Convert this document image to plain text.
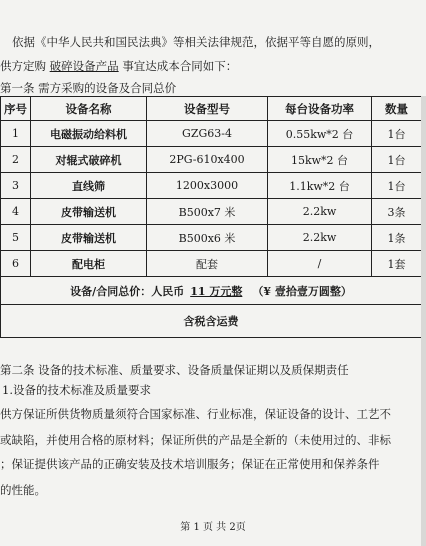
依据《中华人民共和国民法典》等相关法律规范，依据平等自愿的原则，
供方定购 破碎设备产品 事宜达成本合同如下：
第一条 需方采购的设备及合同总价
序号	设备名称	设备型号	每台设备功率	数量
1	电磁振动给料机	GZG63-4	0.55kw*2 台	1台
2	对辊式破碎机	2PG-610x400	15kw*2 台	1台
3	直线筛	1200x3000	1.1kw*2 台	1台
4	皮带输送机	B500x7 米	2.2kw	3条
5	皮带输送机	B500x6 米	2.2kw	1条
6	配电柜	配套	/	1套
设备/合同总价：人民币 11 万元整 （¥ 壹拾壹万圆整）				
含税含运费				
第二条 设备的技术标准、质量要求、设备质量保证期以及质保期责任
1.设备的技术标准及质量要求
供方保证所供货物质量须符合国家标准、行业标准，保证设备的设计、工艺不
或缺陷，并使用合格的原材料；保证所供的产品是全新的（未使用过的、非标
；保证提供该产品的正确安装及技术培训服务；保证在正常使用和保养条件
的性能。
第 1 页 共 2页
